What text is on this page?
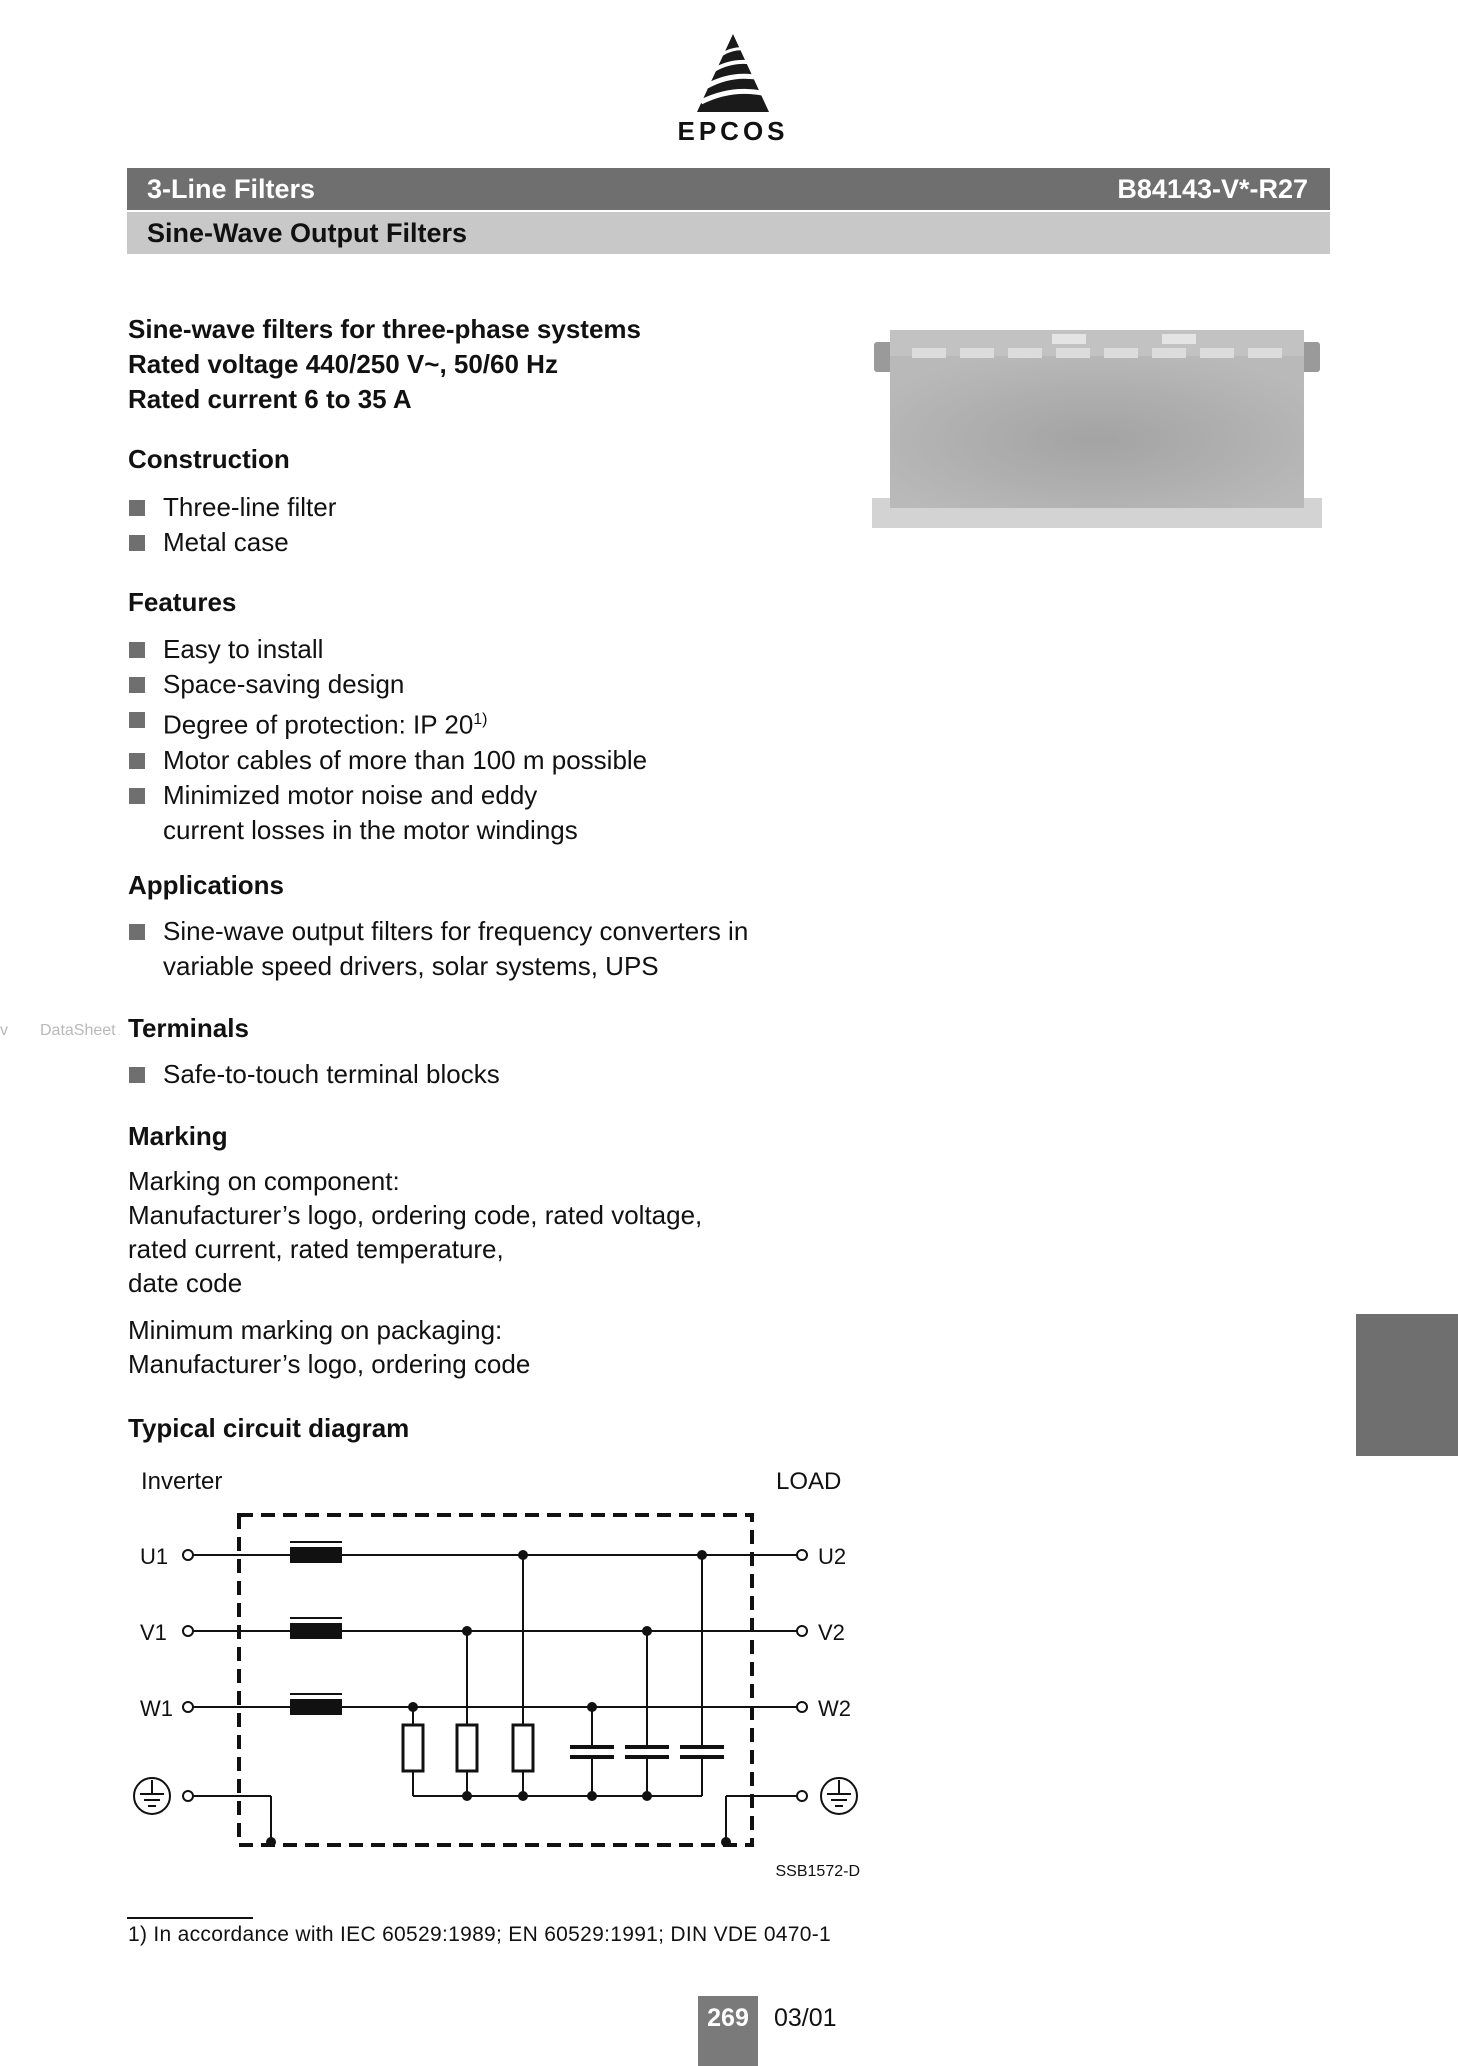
EPCOS
3-Line Filters	B84143-V*-R27
Sine-Wave Output Filters
Sine-wave filters for three-phase systems
Rated voltage 440/250 V~, 50/60 Hz
Rated current 6 to 35 A
Construction
Three-line filter
Metal case
Features
Easy to install
Space-saving design
Degree of protection: IP 20$^{1)}$
Motor cables of more than 100 m possible
Minimized motor noise and eddy
current losses in the motor windings
Applications
Sine-wave output filters for frequency converters in
variable speed drivers, solar systems, UPS
v DataSheet Terminals
Safe-to-touch terminal blocks
Marking
Marking on component:
Manufacturer’s logo, ordering code, rated voltage,
rated current, rated temperature,
date code
Minimum marking on packaging:
Manufacturer’s logo, ordering code
Typical circuit diagram
Inverter	LOAD
U1
V1
W1
U2
V2
W2
SSB1572-D
1) In accordance with IEC 60529:1989; EN 60529:1991; DIN VDE 0470-1
269	03/01
